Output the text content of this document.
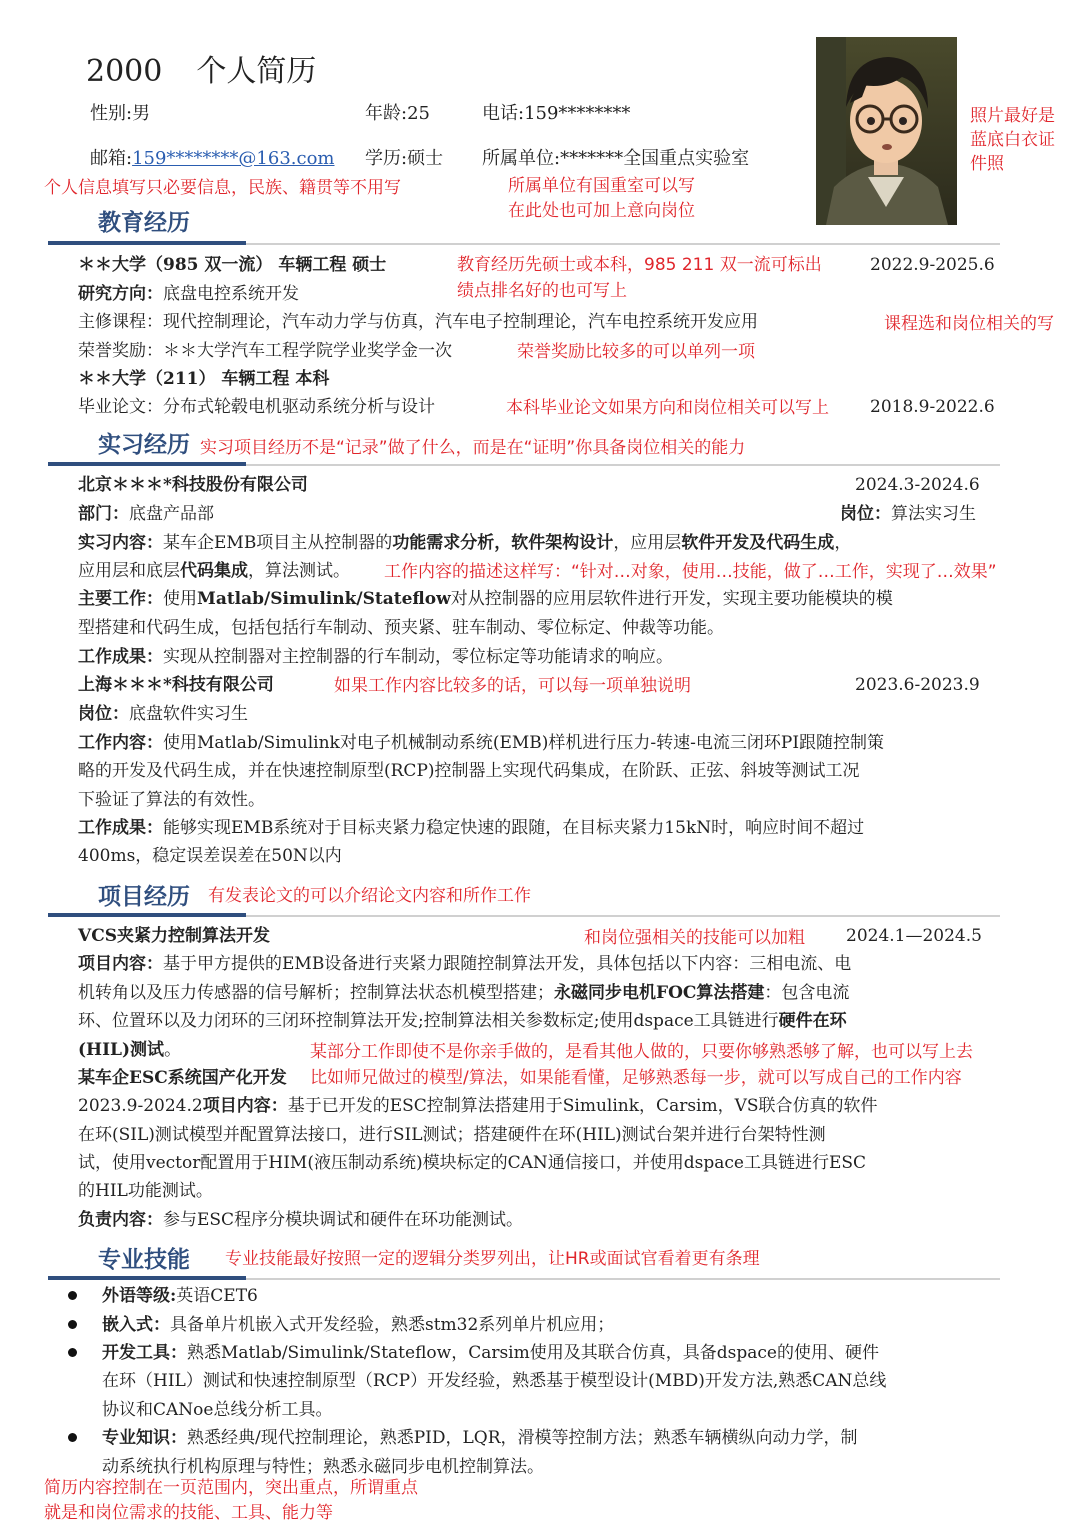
2000 个人简历
性别:男	年龄:25	电话:159********
邮箱:159********@163.com 学历:硕士 所属单位:*******全国重点实验室
照片最好是
蓝底白衣证
件照
个人信息填写只必要信息，民族、籍贯等不用写	所属单位有国重室可以写
在此处也可加上意向岗位
教育经历
＊＊大学（985 双一流） 车辆工程 硕士	教育经历先硕士或本科，985 211 双一流可标出
绩点排名好的也可写上
2022.9-2025.6
研究方向：底盘电控系统开发
主修课程：现代控制理论，汽车动力学与仿真，汽车电子控制理论，汽车电控系统开发应用	课程选和岗位相关的写
荣誉奖励：＊＊大学汽车工程学院学业奖学金一次	荣誉奖励比较多的可以单列一项
＊＊大学（211） 车辆工程 本科
毕业论文：分布式轮毂电机驱动系统分析与设计	本科毕业论文如果方向和岗位相关可以写上 2018.9-2022.6
实习经历 实习项目经历不是“记录”做了什么，而是在“证明”你具备岗位相关的能力
北京＊＊＊*科技股份有限公司	2024.3-2024.6
部门：底盘产品部	岗位：算法实习生
实习内容：某车企EMB项目主从控制器的功能需求分析，软件架构设计，应用层软件开发及代码生成，
应用层和底层代码集成，算法测试。 工作内容的描述这样写：“针对…对象，使用…技能，做了…工作，实现了…效果”
主要工作：使用Matlab/Simulink/Stateflow对从控制器的应用层软件进行开发，实现主要功能模块的模
型搭建和代码生成，包括包括行车制动、预夹紧、驻车制动、零位标定、仲裁等功能。
工作成果：实现从控制器对主控制器的行车制动，零位标定等功能请求的响应。
上海＊＊＊*科技有限公司	如果工作内容比较多的话，可以每一项单独说明	2023.6-2023.9
岗位：底盘软件实习生
工作内容：使用Matlab/Simulink对电子机械制动系统(EMB)样机进行压力-转速-电流三闭环PI跟随控制策
略的开发及代码生成，并在快速控制原型(RCP)控制器上实现代码集成，在阶跃、正弦、斜坡等测试工况
下验证了算法的有效性。
工作成果：能够实现EMB系统对于目标夹紧力稳定快速的跟随，在目标夹紧力15kN时，响应时间不超过
400ms，稳定误差误差在50N以内
项目经历 有发表论文的可以介绍论文内容和所作工作
VCS夹紧力控制算法开发	和岗位强相关的技能可以加粗 2024.1—2024.5
项目内容：基于甲方提供的EMB设备进行夹紧力跟随控制算法开发，具体包括以下内容：三相电流、电
机转角以及压力传感器的信号解析；控制算法状态机模型搭建；永磁同步电机FOC算法搭建：包含电流
环、位置环以及力闭环的三闭环控制算法开发;控制算法相关参数标定;使用dspace工具链进行硬件在环
(HIL)测试。	某部分工作即使不是你亲手做的，是看其他人做的，只要你够熟悉够了解，也可以写上去
某车企ESC系统国产化开发 比如师兄做过的模型/算法，如果能看懂，足够熟悉每一步，就可以写成自己的工作内容
2023.9-2024.2项目内容：基于已开发的ESC控制算法搭建用于Simulink，Carsim，VS联合仿真的软件
在环(SIL)测试模型并配置算法接口，进行SIL测试；搭建硬件在环(HIL)测试台架并进行台架特性测
试，使用vector配置用于HIM(液压制动系统)模块标定的CAN通信接口，并使用dspace工具链进行ESC
的HIL功能测试。
负责内容：参与ESC程序分模块调试和硬件在环功能测试。
专业技能 专业技能最好按照一定的逻辑分类罗列出，让HR或面试官看着更有条理
外语等级:英语CET6
嵌入式：具备单片机嵌入式开发经验，熟悉stm32系列单片机应用；
开发工具：熟悉Matlab/Simulink/Stateflow，Carsim使用及其联合仿真，具备dspace的使用、硬件
在环（HIL）测试和快速控制原型（RCP）开发经验，熟悉基于模型设计(MBD)开发方法,熟悉CAN总线
协议和CANoe总线分析工具。
专业知识：熟悉经典/现代控制理论，熟悉PID，LQR，滑模等控制方法；熟悉车辆横纵向动力学，制
动系统执行机构原理与特性；熟悉永磁同步电机控制算法。
简历内容控制在一页范围内，突出重点，所谓重点
就是和岗位需求的技能、工具、能力等
